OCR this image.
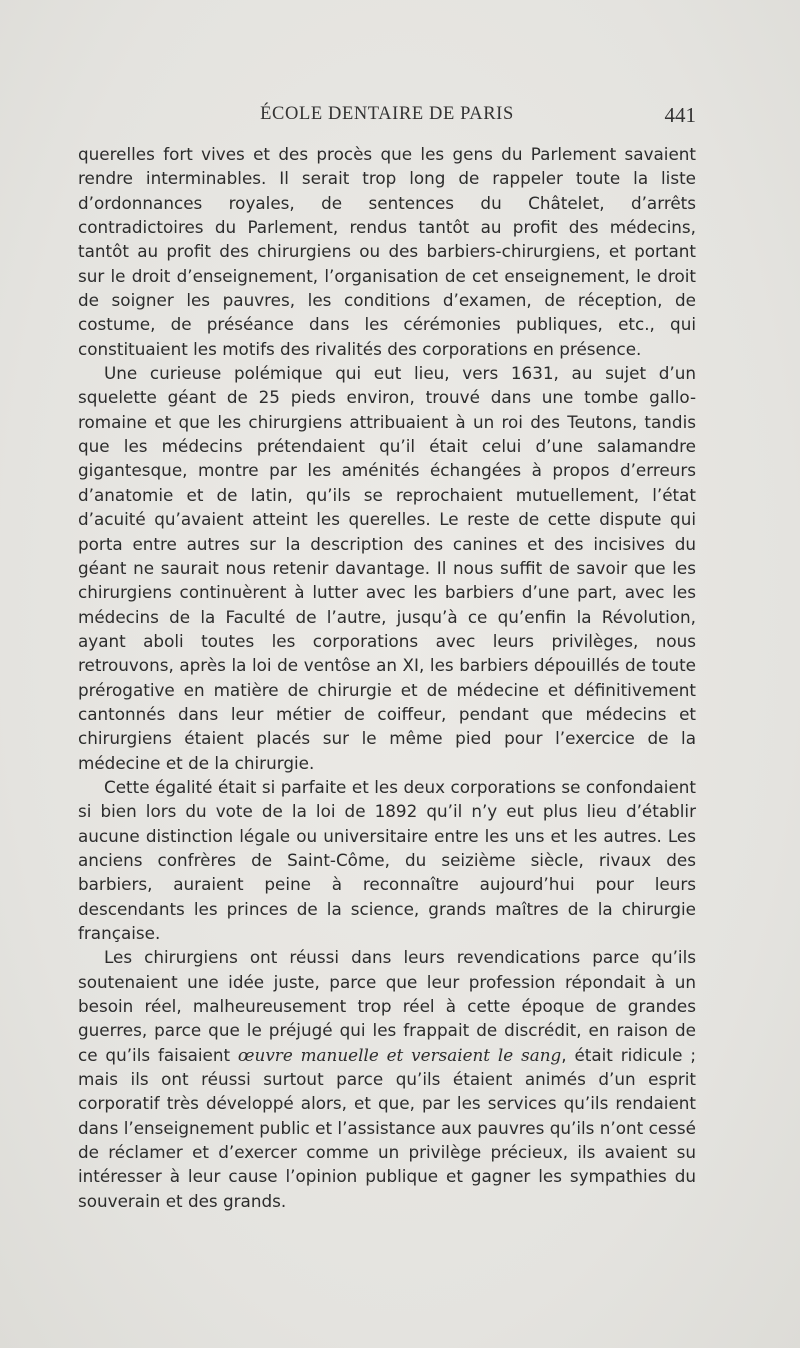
ÉCOLE DENTAIRE DE PARIS	441

querelles fort vives et des procès que les gens du Parlement savaient rendre interminables. Il serait trop long de rappeler toute la liste d’ordonnances royales, de sentences du Châtelet, d’arrêts contradictoires du Parlement, rendus tantôt au profit des médecins, tantôt au profit des chirurgiens ou des barbiers-chirurgiens, et portant sur le droit d’enseignement, l’organisation de cet enseignement, le droit de soigner les pauvres, les conditions d’examen, de réception, de costume, de préséance dans les cérémonies publiques, etc., qui constituaient les motifs des rivalités des corporations en présence.

Une curieuse polémique qui eut lieu, vers 1631, au sujet d’un squelette géant de 25 pieds environ, trouvé dans une tombe gallo-romaine et que les chirurgiens attribuaient à un roi des Teutons, tandis que les médecins prétendaient qu’il était celui d’une salamandre gigantesque, montre par les aménités échangées à propos d’erreurs d’anatomie et de latin, qu’ils se reprochaient mutuellement, l’état d’acuité qu’avaient atteint les querelles. Le reste de cette dispute qui porta entre autres sur la description des canines et des incisives du géant ne saurait nous retenir davantage. Il nous suffit de savoir que les chirurgiens continuèrent à lutter avec les barbiers d’une part, avec les médecins de la Faculté de l’autre, jusqu’à ce qu’enfin la Révolution, ayant aboli toutes les corporations avec leurs privilèges, nous retrouvons, après la loi de ventôse an XI, les barbiers dépouillés de toute prérogative en matière de chirurgie et de médecine et définitivement cantonnés dans leur métier de coiffeur, pendant que médecins et chirurgiens étaient placés sur le même pied pour l’exercice de la médecine et de la chirurgie.

Cette égalité était si parfaite et les deux corporations se confondaient si bien lors du vote de la loi de 1892 qu’il n’y eut plus lieu d’établir aucune distinction légale ou universitaire entre les uns et les autres. Les anciens confrères de Saint-Côme, du seizième siècle, rivaux des barbiers, auraient peine à reconnaître aujourd’hui pour leurs descendants les princes de la science, grands maîtres de la chirurgie française.

Les chirurgiens ont réussi dans leurs revendications parce qu’ils soutenaient une idée juste, parce que leur profession répondait à un besoin réel, malheureusement trop réel à cette époque de grandes guerres, parce que le préjugé qui les frappait de discrédit, en raison de ce qu’ils faisaient œuvre manuelle et versaient le sang, était ridicule ; mais ils ont réussi surtout parce qu’ils étaient animés d’un esprit corporatif très développé alors, et que, par les services qu’ils rendaient dans l’enseignement public et l’assistance aux pauvres qu’ils n’ont cessé de réclamer et d’exercer comme un privilège précieux, ils avaient su intéresser à leur cause l’opinion publique et gagner les sympathies du souverain et des grands.
